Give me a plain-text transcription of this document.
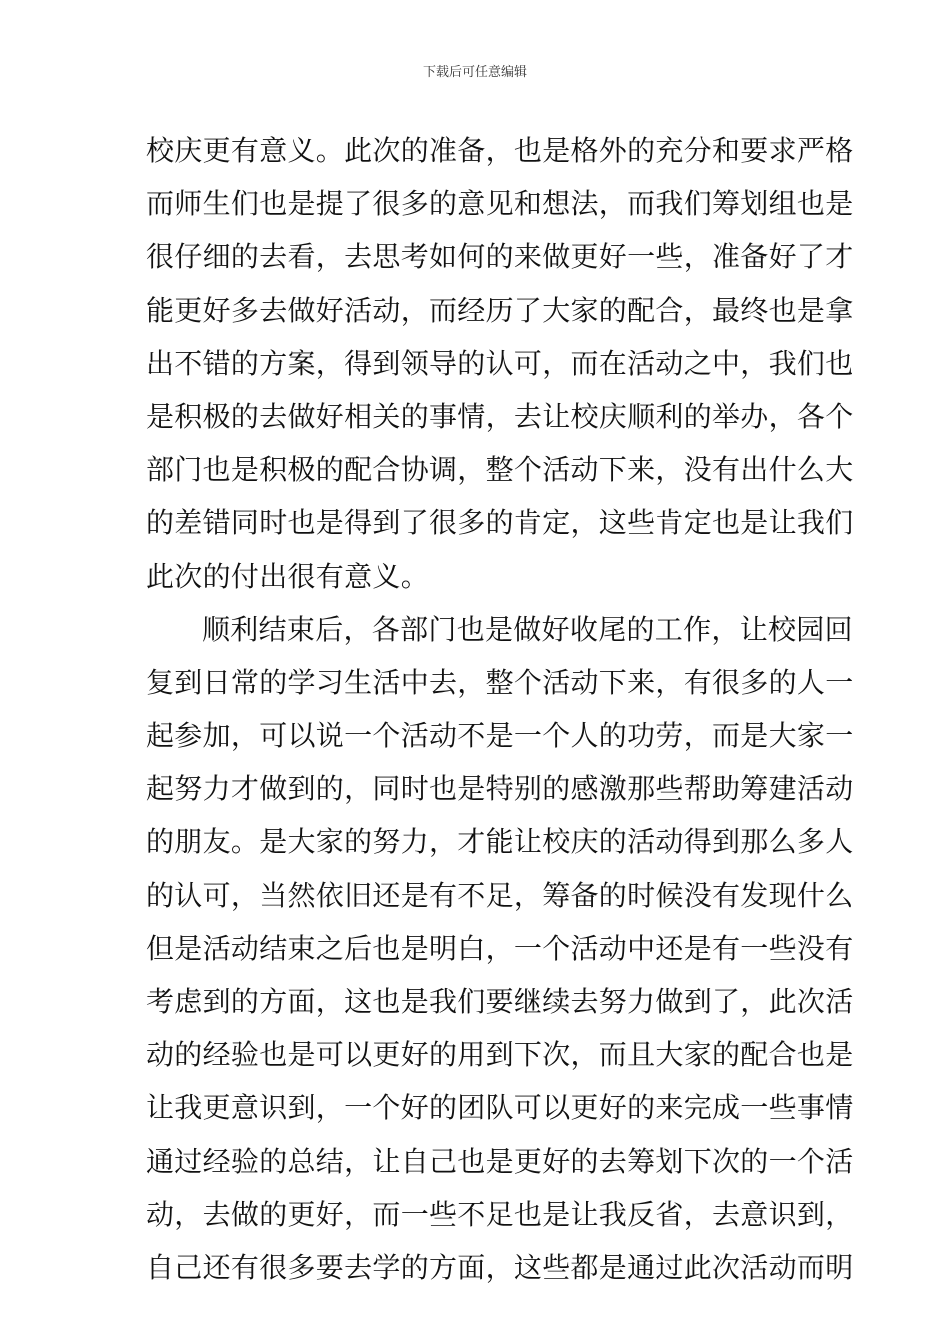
下载后可任意编辑
校庆更有意义。此次的准备，也是格外的充分和要求严格
而师生们也是提了很多的意见和想法，而我们筹划组也是
很仔细的去看，去思考如何的来做更好一些，准备好了才
能更好多去做好活动，而经历了大家的配合，最终也是拿
出不错的方案，得到领导的认可，而在活动之中，我们也
是积极的去做好相关的事情，去让校庆顺利的举办，各个
部门也是积极的配合协调，整个活动下来，没有出什么大
的差错同时也是得到了很多的肯定，这些肯定也是让我们
此次的付出很有意义。
顺利结束后，各部门也是做好收尾的工作，让校园回
复到日常的学习生活中去，整个活动下来，有很多的人一
起参加，可以说一个活动不是一个人的功劳，而是大家一
起努力才做到的，同时也是特别的感激那些帮助筹建活动
的朋友。是大家的努力，才能让校庆的活动得到那么多人
的认可，当然依旧还是有不足，筹备的时候没有发现什么
但是活动结束之后也是明白，一个活动中还是有一些没有
考虑到的方面，这也是我们要继续去努力做到了，此次活
动的经验也是可以更好的用到下次，而且大家的配合也是
让我更意识到，一个好的团队可以更好的来完成一些事情
通过经验的总结，让自己也是更好的去筹划下次的一个活
动，去做的更好，而一些不足也是让我反省，去意识到，
自己还有很多要去学的方面，这些都是通过此次活动而明
